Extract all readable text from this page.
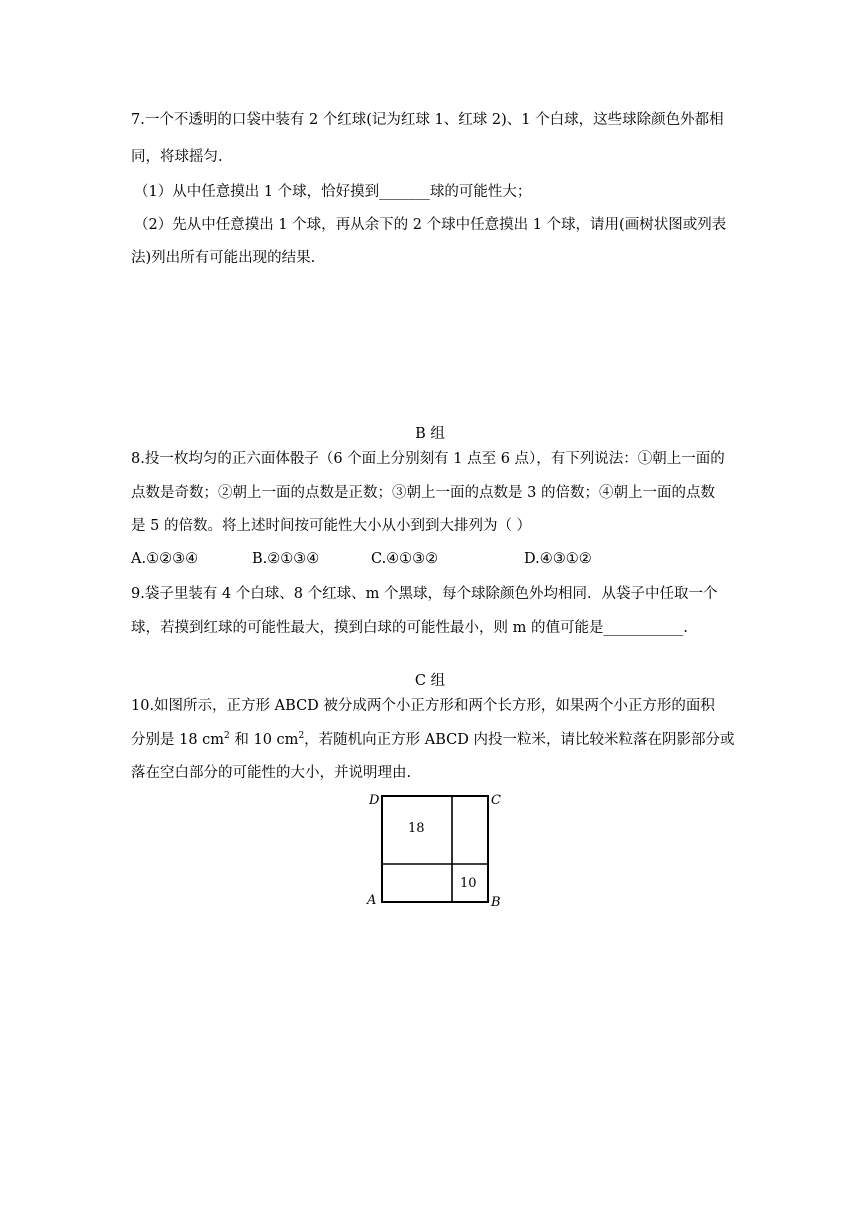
7.一个不透明的口袋中装有 2 个红球(记为红球 1、红球 2)、1 个白球，这些球除颜色外都相
同，将球摇匀.
（1）从中任意摸出 1 个球，恰好摸到_______球的可能性大；
（2）先从中任意摸出 1 个球，再从余下的 2 个球中任意摸出 1 个球，请用(画树状图或列表
法)列出所有可能出现的结果.
B 组
8.投一枚均匀的正六面体骰子（6 个面上分别刻有 1 点至 6 点），有下列说法：①朝上一面的
点数是奇数；②朝上一面的点数是正数；③朝上一面的点数是 3 的倍数；④朝上一面的点数
是 5 的倍数。将上述时间按可能性大小从小到到大排列为（ ）
A.①②③④	B.②①③④	C.④①③②	D.④③①②
9.袋子里装有 4 个白球、8 个红球、m 个黑球，每个球除颜色外均相同．从袋子中任取一个
球，若摸到红球的可能性最大，摸到白球的可能性最小，则 m 的值可能是___________.
C 组
10.如图所示，正方形 ABCD 被分成两个小正方形和两个长方形，如果两个小正方形的面积
分别是 18 $cm^2$ 和 10 $cm^2$，若随机向正方形 ABCD 内投一粒米，请比较米粒落在阴影部分或
落在空白部分的可能性的大小，并说明理由.
D	C
A	B
18
10
